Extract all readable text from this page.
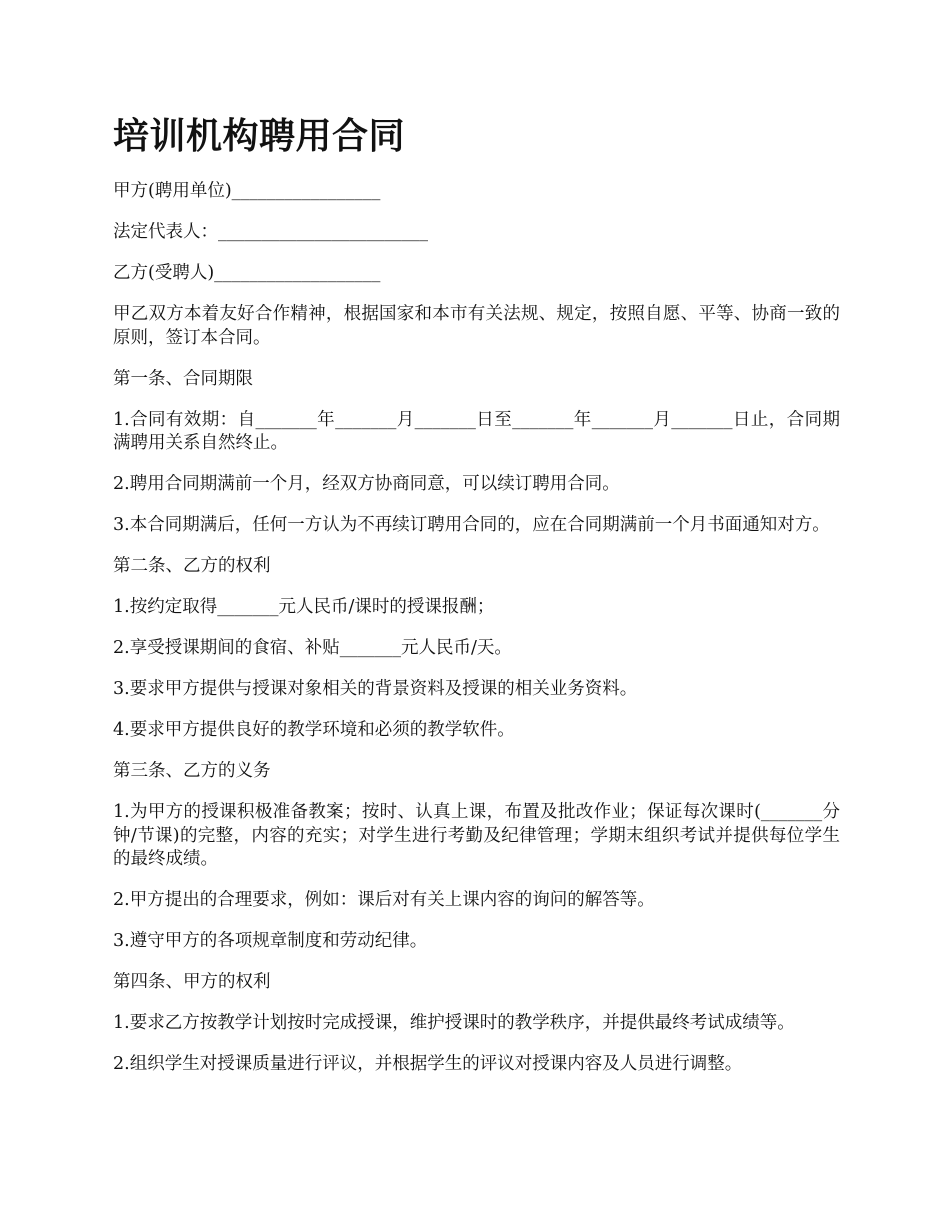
培训机构聘用合同

甲方(聘用单位)_________________

法定代表人：________________________

乙方(受聘人)___________________

甲乙双方本着友好合作精神，根据国家和本市有关法规、规定，按照自愿、平等、协商一致的原则，签订本合同。

第一条、合同期限

1.合同有效期：自_______年_______月_______日至_______年_______月_______日止，合同期满聘用关系自然终止。

2.聘用合同期满前一个月，经双方协商同意，可以续订聘用合同。

3.本合同期满后，任何一方认为不再续订聘用合同的，应在合同期满前一个月书面通知对方。

第二条、乙方的权利

1.按约定取得_______元人民币/课时的授课报酬；

2.享受授课期间的食宿、补贴_______元人民币/天。

3.要求甲方提供与授课对象相关的背景资料及授课的相关业务资料。

4.要求甲方提供良好的教学环境和必须的教学软件。

第三条、乙方的义务

1.为甲方的授课积极准备教案；按时、认真上课，布置及批改作业；保证每次课时(_______分钟/节课)的完整，内容的充实；对学生进行考勤及纪律管理；学期末组织考试并提供每位学生的最终成绩。

2.甲方提出的合理要求，例如：课后对有关上课内容的询问的解答等。

3.遵守甲方的各项规章制度和劳动纪律。

第四条、甲方的权利

1.要求乙方按教学计划按时完成授课，维护授课时的教学秩序，并提供最终考试成绩等。

2.组织学生对授课质量进行评议，并根据学生的评议对授课内容及人员进行调整。
